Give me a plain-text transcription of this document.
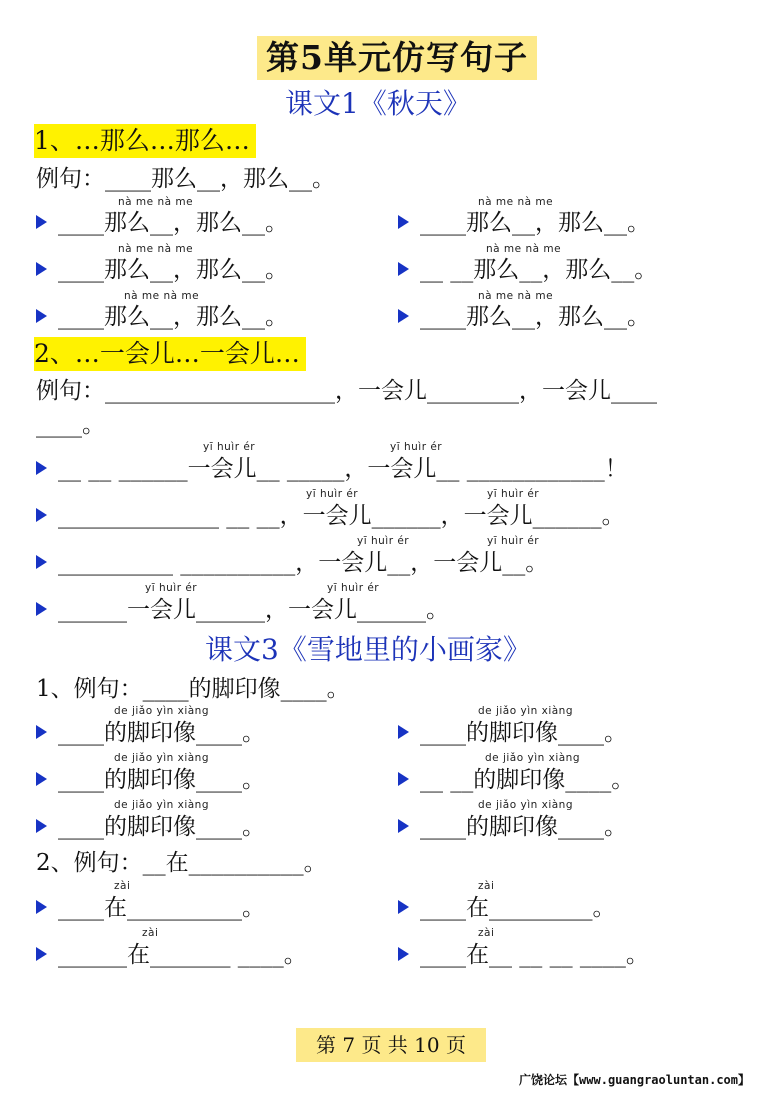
第5单元仿写句子
课文1《秋天》
1、…那么…那么…
例句：____那么__，那么__。
nà me nà me	nà me nà me
____那么__，那么__。	____那么__，那么__。
nà me nà me	nà me nà me
____那么__，那么__。	__ __那么__，那么__。
nà me nà me	nà me nà me
____那么__，那么__。	____那么__，那么__。
2、…一会儿…一会儿…
例句：____________________，一会儿________，一会儿____
____。
yī huìr ér	yī huìr ér
__ __ ______一会儿__ _____，一会儿__ ____________！
yī huìr ér	yī huìr ér
______________ __ __，一会儿______，一会儿______。
yī huìr ér	yī huìr ér
__________ __________，一会儿__，一会儿__。
yī huìr ér	yī huìr ér
______一会儿______，一会儿______。
课文3《雪地里的小画家》
1、例句：____的脚印像____。
de jiǎo yìn xiàng	de jiǎo yìn xiàng
____的脚印像____。	____的脚印像____。
de jiǎo yìn xiàng	de jiǎo yìn xiàng
____的脚印像____。	__ __的脚印像____。
de jiǎo yìn xiàng	de jiǎo yìn xiàng
____的脚印像____。	____的脚印像____。
2、例句：__在__________。
zài	zài
____在__________。	____在_________。
zài	zài
______在_______ ____。	____在__ __ __ ____。
第 7 页 共 10 页
广饶论坛【www.guangraoluntan.com】
